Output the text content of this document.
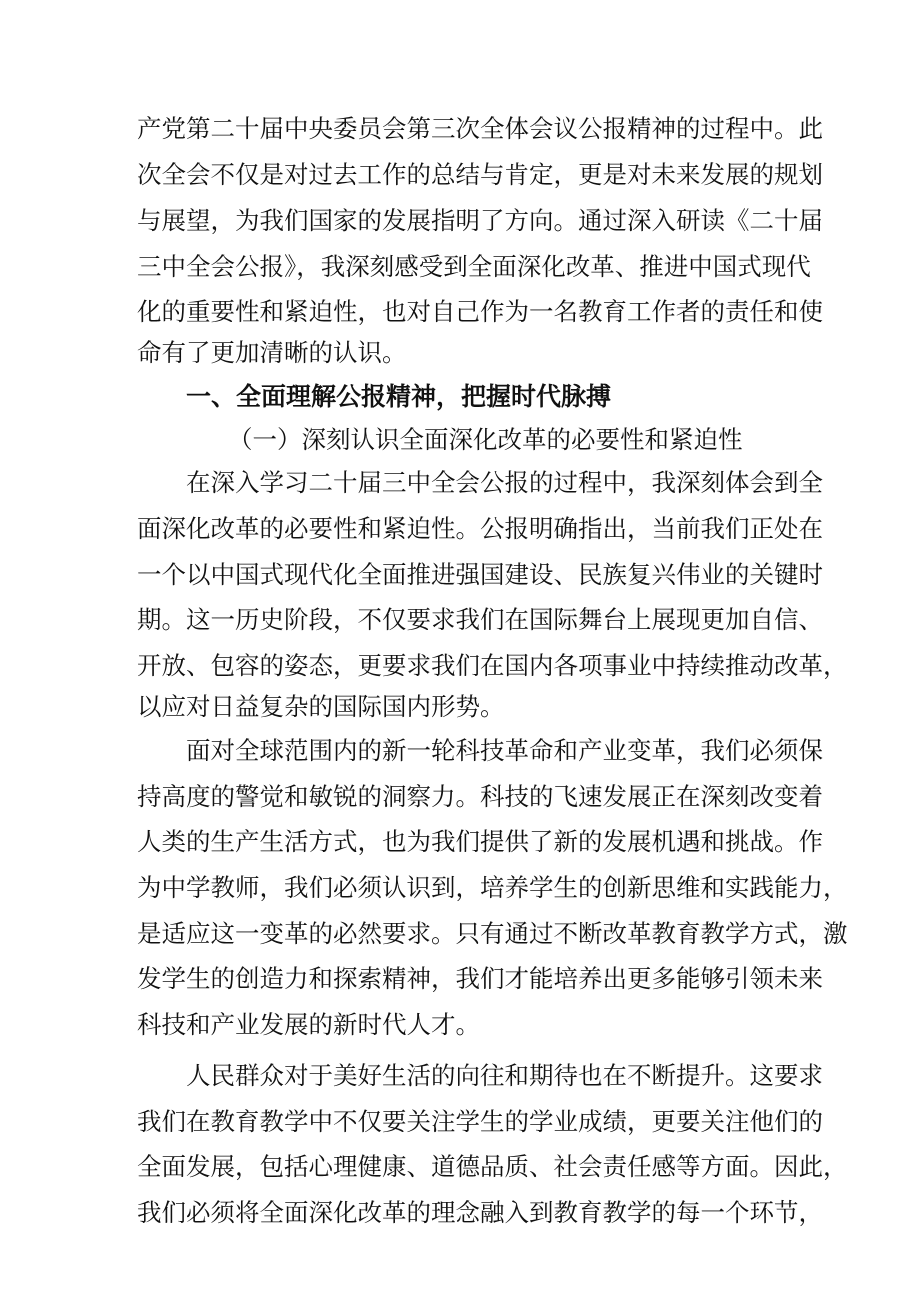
产党第二十届中央委员会第三次全体会议公报精神的过程中。此
次全会不仅是对过去工作的总结与肯定，更是对未来发展的规划
与展望，为我们国家的发展指明了方向。通过深入研读《二十届
三中全会公报》，我深刻感受到全面深化改革、推进中国式现代
化的重要性和紧迫性，也对自己作为一名教育工作者的责任和使
命有了更加清晰的认识。
一、全面理解公报精神，把握时代脉搏
（一）深刻认识全面深化改革的必要性和紧迫性
在深入学习二十届三中全会公报的过程中，我深刻体会到全
面深化改革的必要性和紧迫性。公报明确指出，当前我们正处在
一个以中国式现代化全面推进强国建设、民族复兴伟业的关键时
期。这一历史阶段，不仅要求我们在国际舞台上展现更加自信、
开放、包容的姿态，更要求我们在国内各项事业中持续推动改革，
以应对日益复杂的国际国内形势。
面对全球范围内的新一轮科技革命和产业变革，我们必须保
持高度的警觉和敏锐的洞察力。科技的飞速发展正在深刻改变着
人类的生产生活方式，也为我们提供了新的发展机遇和挑战。作
为中学教师，我们必须认识到，培养学生的创新思维和实践能力，
是适应这一变革的必然要求。只有通过不断改革教育教学方式，激
发学生的创造力和探索精神，我们才能培养出更多能够引领未来
科技和产业发展的新时代人才。
人民群众对于美好生活的向往和期待也在不断提升。这要求
我们在教育教学中不仅要关注学生的学业成绩，更要关注他们的
全面发展，包括心理健康、道德品质、社会责任感等方面。因此，
我们必须将全面深化改革的理念融入到教育教学的每一个环节，
